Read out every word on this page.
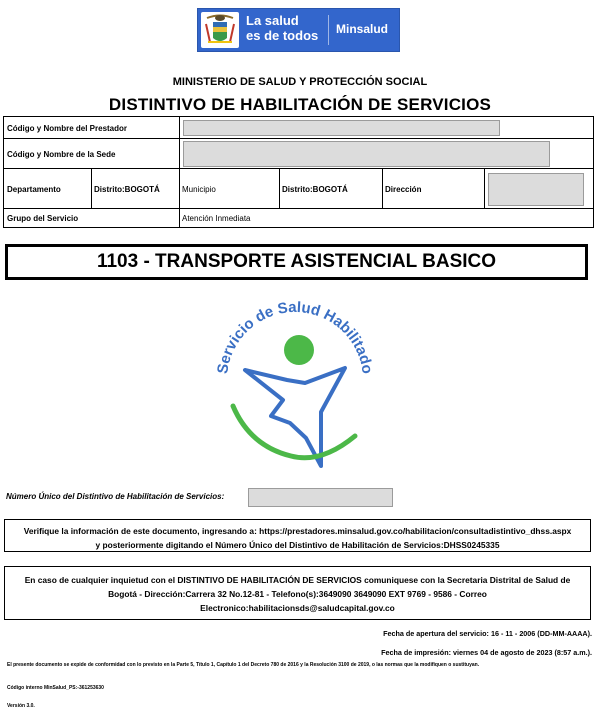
La salud
es de todos Minsalud
MINISTERIO DE SALUD Y PROTECCIÓN SOCIAL
DISTINTIVO DE HABILITACIÓN DE SERVICIOS
Código y Nombre del Prestador
Código y Nombre de la Sede
Departamento	Distrito:BOGOTÁ	Municipio	Distrito:BOGOTÁ	Dirección
Grupo del Servicio	Atención Inmediata
1103 - TRANSPORTE ASISTENCIAL BASICO
Servicio de Salud Habilitado
Número Único del Distintivo de Habilitación de Servicios:
Verifique la información de este documento, ingresando a: https://prestadores.minsalud.gov.co/habilitacion/consultadistintivo_dhss.aspx
y posteriormente digitando el Número Único del Distintivo de Habilitación de Servicios:DHSS0245335
En caso de cualquier inquietud con el DISTINTIVO DE HABILITACIÓN DE SERVICIOS comuniquese con la Secretaria Distrital de Salud de
Bogotá - Dirección:Carrera 32 No.12-81 - Telefono(s):3649090 3649090 EXT 9769 - 9586 - Correo
Electronico:habilitacionsds@saludcapital.gov.co
Fecha de apertura del servicio: 16 - 11 - 2006 (DD-MM-AAAA).
Fecha de impresión: viernes 04 de agosto de 2023 (8:57 a.m.).
El presente documento se expide de conformidad con lo previsto en la Parte 5, Título 1, Capítulo 1 del Decreto 780 de 2016 y la Resolución 3100 de 2019, o las normas que la modifiquen o sustituyan.
Código interno MinSalud_PS:-361253630
Versión 3.0.
